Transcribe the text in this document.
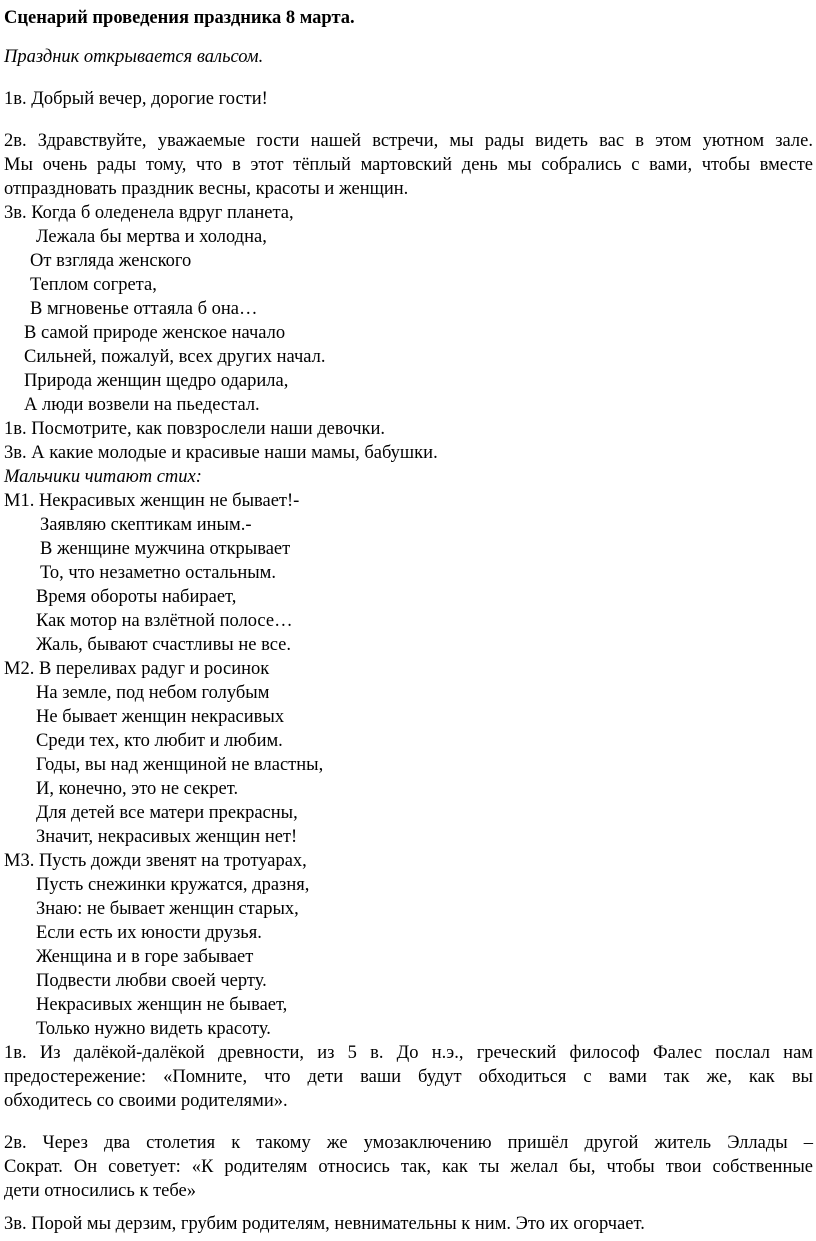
Сценарий проведения праздника 8 марта.
Праздник открывается вальсом.
1в. Добрый вечер, дорогие гости!
2в. Здравствуйте, уважаемые гости нашей встречи, мы рады видеть вас в этом уютном зале.
Мы очень рады тому, что в этот тёплый мартовский день мы собрались с вами, чтобы вместе
отпраздновать праздник весны, красоты и женщин.
3в. Когда б оледенела вдруг планета,
Лежала бы мертва и холодна,
От взгляда женского
Теплом согрета,
В мгновенье оттаяла б она…
В самой природе женское начало
Сильней, пожалуй, всех других начал.
Природа женщин щедро одарила,
А люди возвели на пьедестал.
1в. Посмотрите, как повзрослели наши девочки.
3в. А какие молодые и красивые наши мамы, бабушки.
Мальчики читают стих:
М1. Некрасивых женщин не бывает!-
Заявляю скептикам иным.-
В женщине мужчина открывает
То, что незаметно остальным.
Время обороты набирает,
Как мотор на взлётной полосе…
Жаль, бывают счастливы не все.
М2. В переливах радуг и росинок
На земле, под небом голубым
Не бывает женщин некрасивых
Среди тех, кто любит и любим.
Годы, вы над женщиной не властны,
И, конечно, это не секрет.
Для детей все матери прекрасны,
Значит, некрасивых женщин нет!
М3. Пусть дожди звенят на тротуарах,
Пусть снежинки кружатся, дразня,
Знаю: не бывает женщин старых,
Если есть их юности друзья.
Женщина и в горе забывает
Подвести любви своей черту.
Некрасивых женщин не бывает,
Только нужно видеть красоту.
1в. Из далёкой-далёкой древности, из 5 в. До н.э., греческий философ Фалес послал нам
предостережение: «Помните, что дети ваши будут обходиться с вами так же, как вы
обходитесь со своими родителями».
2в. Через два столетия к такому же умозаключению пришёл другой житель Эллады –
Сократ. Он советует: «К родителям относись так, как ты желал бы, чтобы твои собственные
дети относились к тебе»
3в. Порой мы дерзим, грубим родителям, невнимательны к ним. Это их огорчает.
